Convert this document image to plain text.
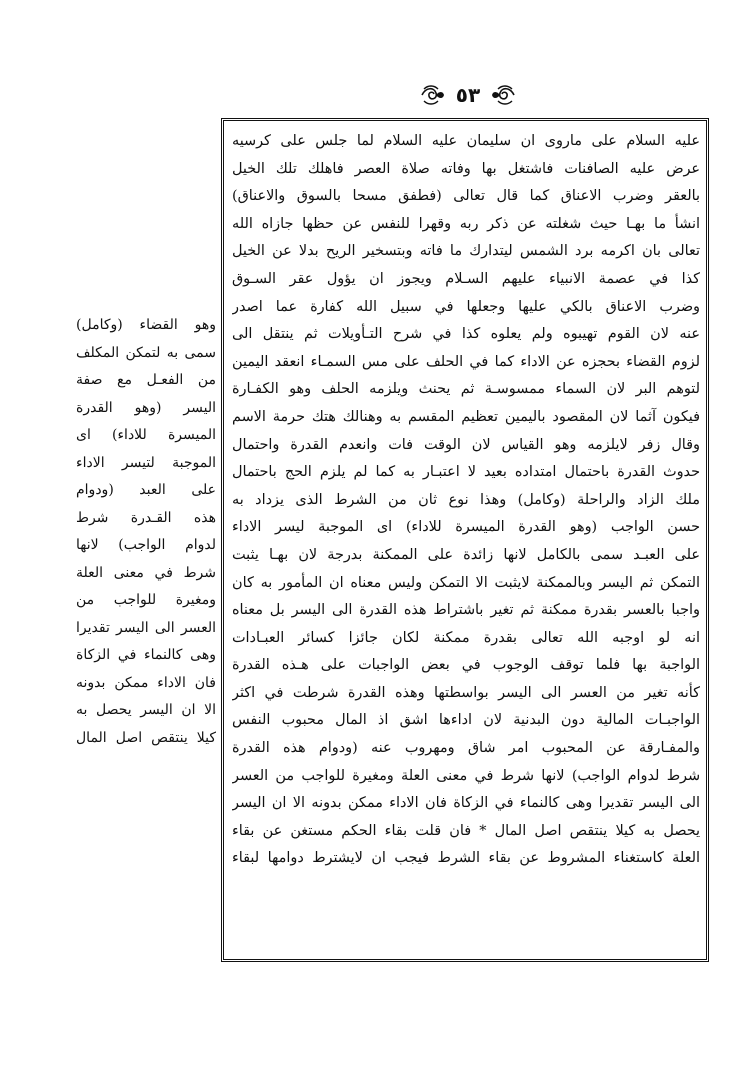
٥٣
عليه السلام على ماروى ان سليمان عليه السلام لما جلس على كرسيه
عرض عليه الصافنات فاشتغل بها وفاته صلاة العصر فاهلك تلك الخيل
بالعقر وضرب الاعناق كما قال تعالى (فطفق مسحا بالسوق والاعناق)
انشأ ما بهـا حيث شغلته عن ذكر ربه وقهرا للنفس عن حظها جازاه الله
تعالى بان اكرمه برد الشمس ليتدارك ما فاته وبتسخير الريح بدلا عن الخيل
كذا في عصمة الانبياء عليهم السـلام ويجوز ان يؤول عقر السـوق
وضرب الاعناق بالكي عليها وجعلها في سبيل الله كفارة عما اصدر
عنه لان القوم تهيبوه ولم يعلوه كذا في شرح التـأويلات ثم ينتقل الى
لزوم القضاء بحجزه عن الاداء كما في الحلف على مس السمـاء انعقد اليمين
لتوهم البر لان السماء ممسوسـة ثم يحنث ويلزمه الحلف وهو الكفـارة
فيكون آثما لان المقصود باليمين تعظيم المقسم به وهنالك هتك حرمة الاسم
وقال زفر لايلزمه وهو القياس لان الوقت فات وانعدم القدرة واحتمال
حدوث القدرة باحتمال امتداده بعيد لا اعتبـار به كما لم يلزم الحج باحتمال
ملك الزاد والراحلة (وكامل) وهذا نوع ثان من الشرط الذى يزداد به
حسن الواجب (وهو القدرة الميسرة للاداء) اى الموجبة ليسر الاداء
على العبـد سمى بالكامل لانها زائدة على الممكنة بدرجة لان بهـا يثبت
التمكن ثم اليسر وبالممكنة لايثبت الا التمكن وليس معناه ان المأمور به كان
واجبا بالعسر بقدرة ممكنة ثم تغير باشتراط هذه القدرة الى اليسر بل معناه
انه لو اوجبه الله تعالى بقدرة ممكنة لكان جائزا كسائر العبـادات
الواجبة بها فلما توقف الوجوب في بعض الواجبات على هـذه القدرة
كأنه تغير من العسر الى اليسر بواسطتها وهذه القدرة شرطت في اكثر
الواجبـات المالية دون البدنية لان اداءها اشق اذ المال محبوب النفس
والمفـارقة عن المحبوب امر شاق ومهروب عنه (ودوام هذه القدرة
شرط لدوام الواجب) لانها شرط في معنى العلة ومغيرة للواجب من العسر
الى اليسر تقديرا وهى كالنماء في الزكاة فان الاداء ممكن بدونه الا ان اليسر
يحصل به كيلا ينتقص اصل المال * فان قلت بقاء الحكم مستغن عن بقاء
العلة كاستغناء المشروط عن بقاء الشرط فيجب ان لايشترط دوامها لبقاء
وهو القضاء (وكامل)
سمى به لتمكن المكلف
من الفعـل مع صفة
اليسر (وهو القدرة
الميسرة للاداء) اى
الموجبة لتيسر الاداء
على العبد (ودوام
هذه القـدرة شرط
لدوام الواجب) لانها
شرط في معنى العلة
ومغيرة للواجب من
العسر الى اليسر تقديرا
وهى كالنماء في الزكاة
فان الاداء ممكن بدونه
الا ان اليسر يحصل به
كيلا ينتقص اصل المال
